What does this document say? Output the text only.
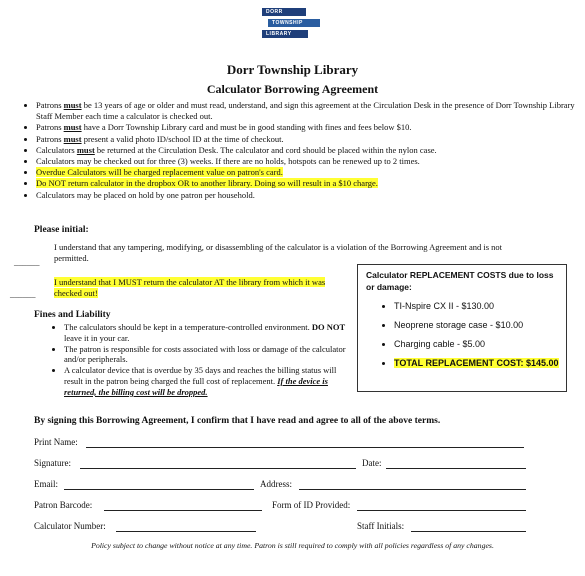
DORR
TOWNSHIP
LIBRARY
Dorr Township Library
Calculator Borrowing Agreement
• Patrons must be 13 years of age or older and must read, understand, and sign this agreement at the Circulation Desk in the presence of Dorr Township Library Staff Member each time a calculator is checked out.
• Patrons must have a Dorr Township Library card and must be in good standing with fines and fees below $10.
• Patrons must present a valid photo ID/school ID at the time of checkout.
• Calculators must be returned at the Circulation Desk. The calculator and cord should be placed within the nylon case.
• Calculators may be checked out for three (3) weeks. If there are no holds, hotspots can be renewed up to 2 times.
• Overdue Calculators will be charged replacement value on patron's card.
• Do NOT return calculator in the dropbox OR to another library. Doing so will result in a $10 charge.
• Calculators may be placed on hold by one patron per household.
Please initial:
I understand that any tampering, modifying, or disassembling of the calculator is a violation of the Borrowing Agreement and is not permitted.
______
I understand that I MUST return the calculator AT the library from which it was checked out!
______
Fines and Liability
• The calculators should be kept in a temperature-controlled environment. DO NOT leave it in your car.
• The patron is responsible for costs associated with loss or damage of the calculator and/or peripherals.
• A calculator device that is overdue by 35 days and reaches the billing status will result in the patron being charged the full cost of replacement. If the device is returned, the billing cost will be dropped.
Calculator REPLACEMENT COSTS due to loss or damage:
• TI-Nspire CX II - $130.00
• Neoprene storage case - $10.00
• Charging cable - $5.00
• TOTAL REPLACEMENT COST: $145.00
By signing this Borrowing Agreement, I confirm that I have read and agree to all of the above terms.
Print Name:
Signature:	Date:
Email:	Address:
Patron Barcode:	Form of ID Provided:
Calculator Number:	Staff Initials:
Policy subject to change without notice at any time. Patron is still required to comply with all policies regardless of any changes.
